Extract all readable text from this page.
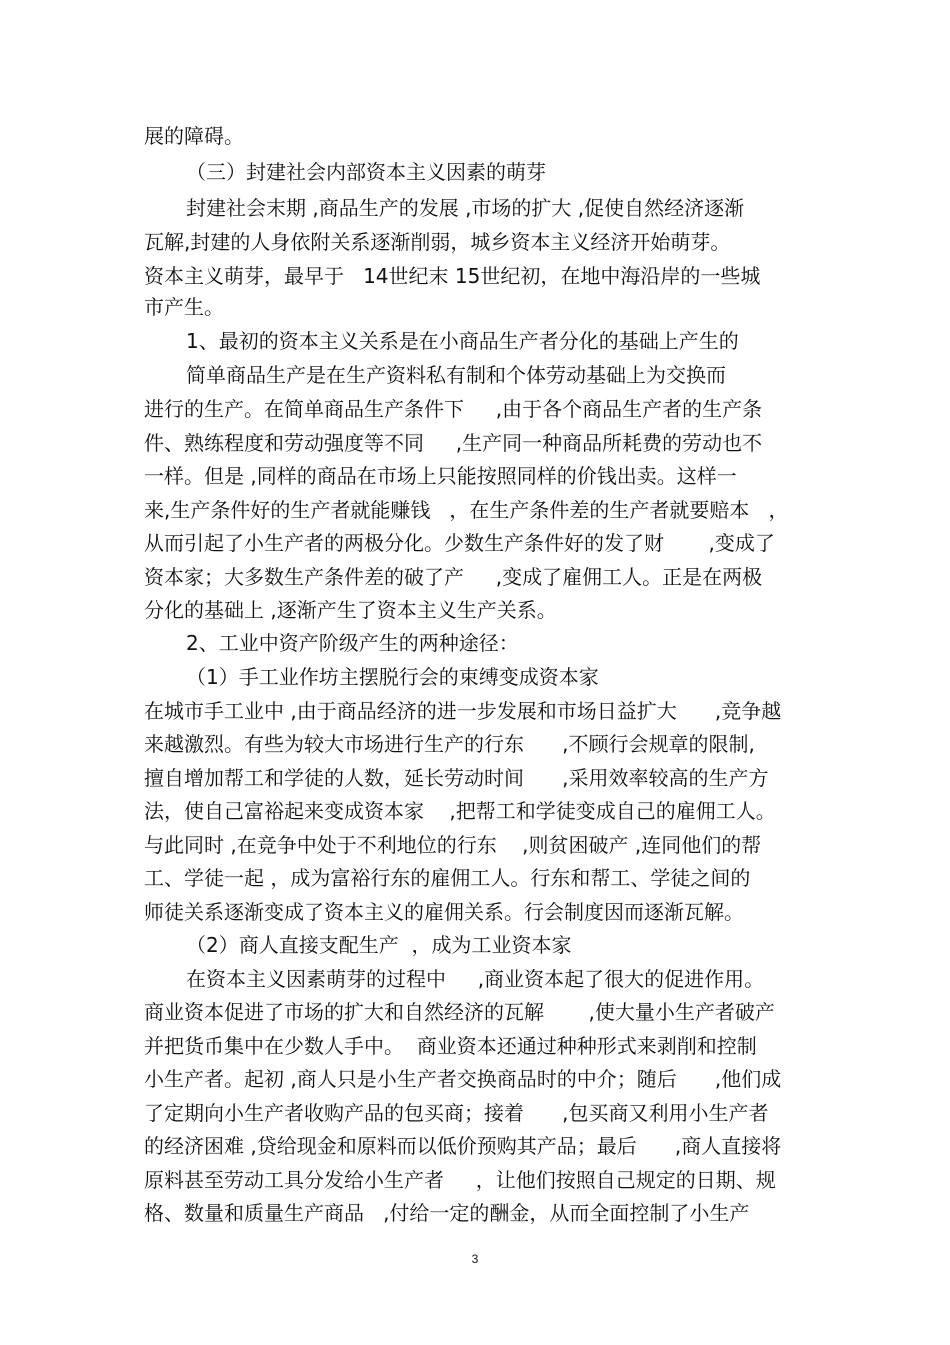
展的障碍。
（三）封建社会内部资本主义因素的萌芽
封建社会末期 ,商品生产的发展 ,市场的扩大 ,促使自然经济逐渐
瓦解,封建的人身依附关系逐渐削弱，城乡资本主义经济开始萌芽。
资本主义萌芽，最早于   14世纪末 15世纪初，在地中海沿岸的一些城
市产生。
1、最初的资本主义关系是在小商品生产者分化的基础上产生的
简单商品生产是在生产资料私有制和个体劳动基础上为交换而
进行的生产。在简单商品生产条件下     ,由于各个商品生产者的生产条
件、熟练程度和劳动强度等不同     ,生产同一种商品所耗费的劳动也不
一样。但是 ,同样的商品在市场上只能按照同样的价钱出卖。这样一
来,生产条件好的生产者就能赚钱   ，在生产条件差的生产者就要赔本   ，
从而引起了小生产者的两极分化。少数生产条件好的发了财       ,变成了
资本家；大多数生产条件差的破了产     ,变成了雇佣工人。正是在两极
分化的基础上 ,逐渐产生了资本主义生产关系。
2、工业中资产阶级产生的两种途径：
（1）手工业作坊主摆脱行会的束缚变成资本家
在城市手工业中 ,由于商品经济的进一步发展和市场日益扩大      ,竞争越
来越激烈。有些为较大市场进行生产的行东      ,不顾行会规章的限制,
擅自增加帮工和学徒的人数，延长劳动时间      ,采用效率较高的生产方
法，使自己富裕起来变成资本家    ,把帮工和学徒变成自己的雇佣工人。
与此同时 ,在竞争中处于不利地位的行东    ,则贫困破产 ,连同他们的帮
工、学徒一起 ，成为富裕行东的雇佣工人。行东和帮工、学徒之间的
师徒关系逐渐变成了资本主义的雇佣关系。行会制度因而逐渐瓦解。
（2）商人直接支配生产  ，成为工业资本家
在资本主义因素萌芽的过程中     ,商业资本起了很大的促进作用。
商业资本促进了市场的扩大和自然经济的瓦解       ,使大量小生产者破产
并把货币集中在少数人手中。  商业资本还通过种种形式来剥削和控制
小生产者。起初 ,商人只是小生产者交换商品时的中介；随后      ,他们成
了定期向小生产者收购产品的包买商；接着      ,包买商又利用小生产者
的经济困难 ,贷给现金和原料而以低价预购其产品；最后      ,商人直接将
原料甚至劳动工具分发给小生产者     ，让他们按照自己规定的日期、规
格、数量和质量生产商品   ,付给一定的酬金，从而全面控制了小生产
3
